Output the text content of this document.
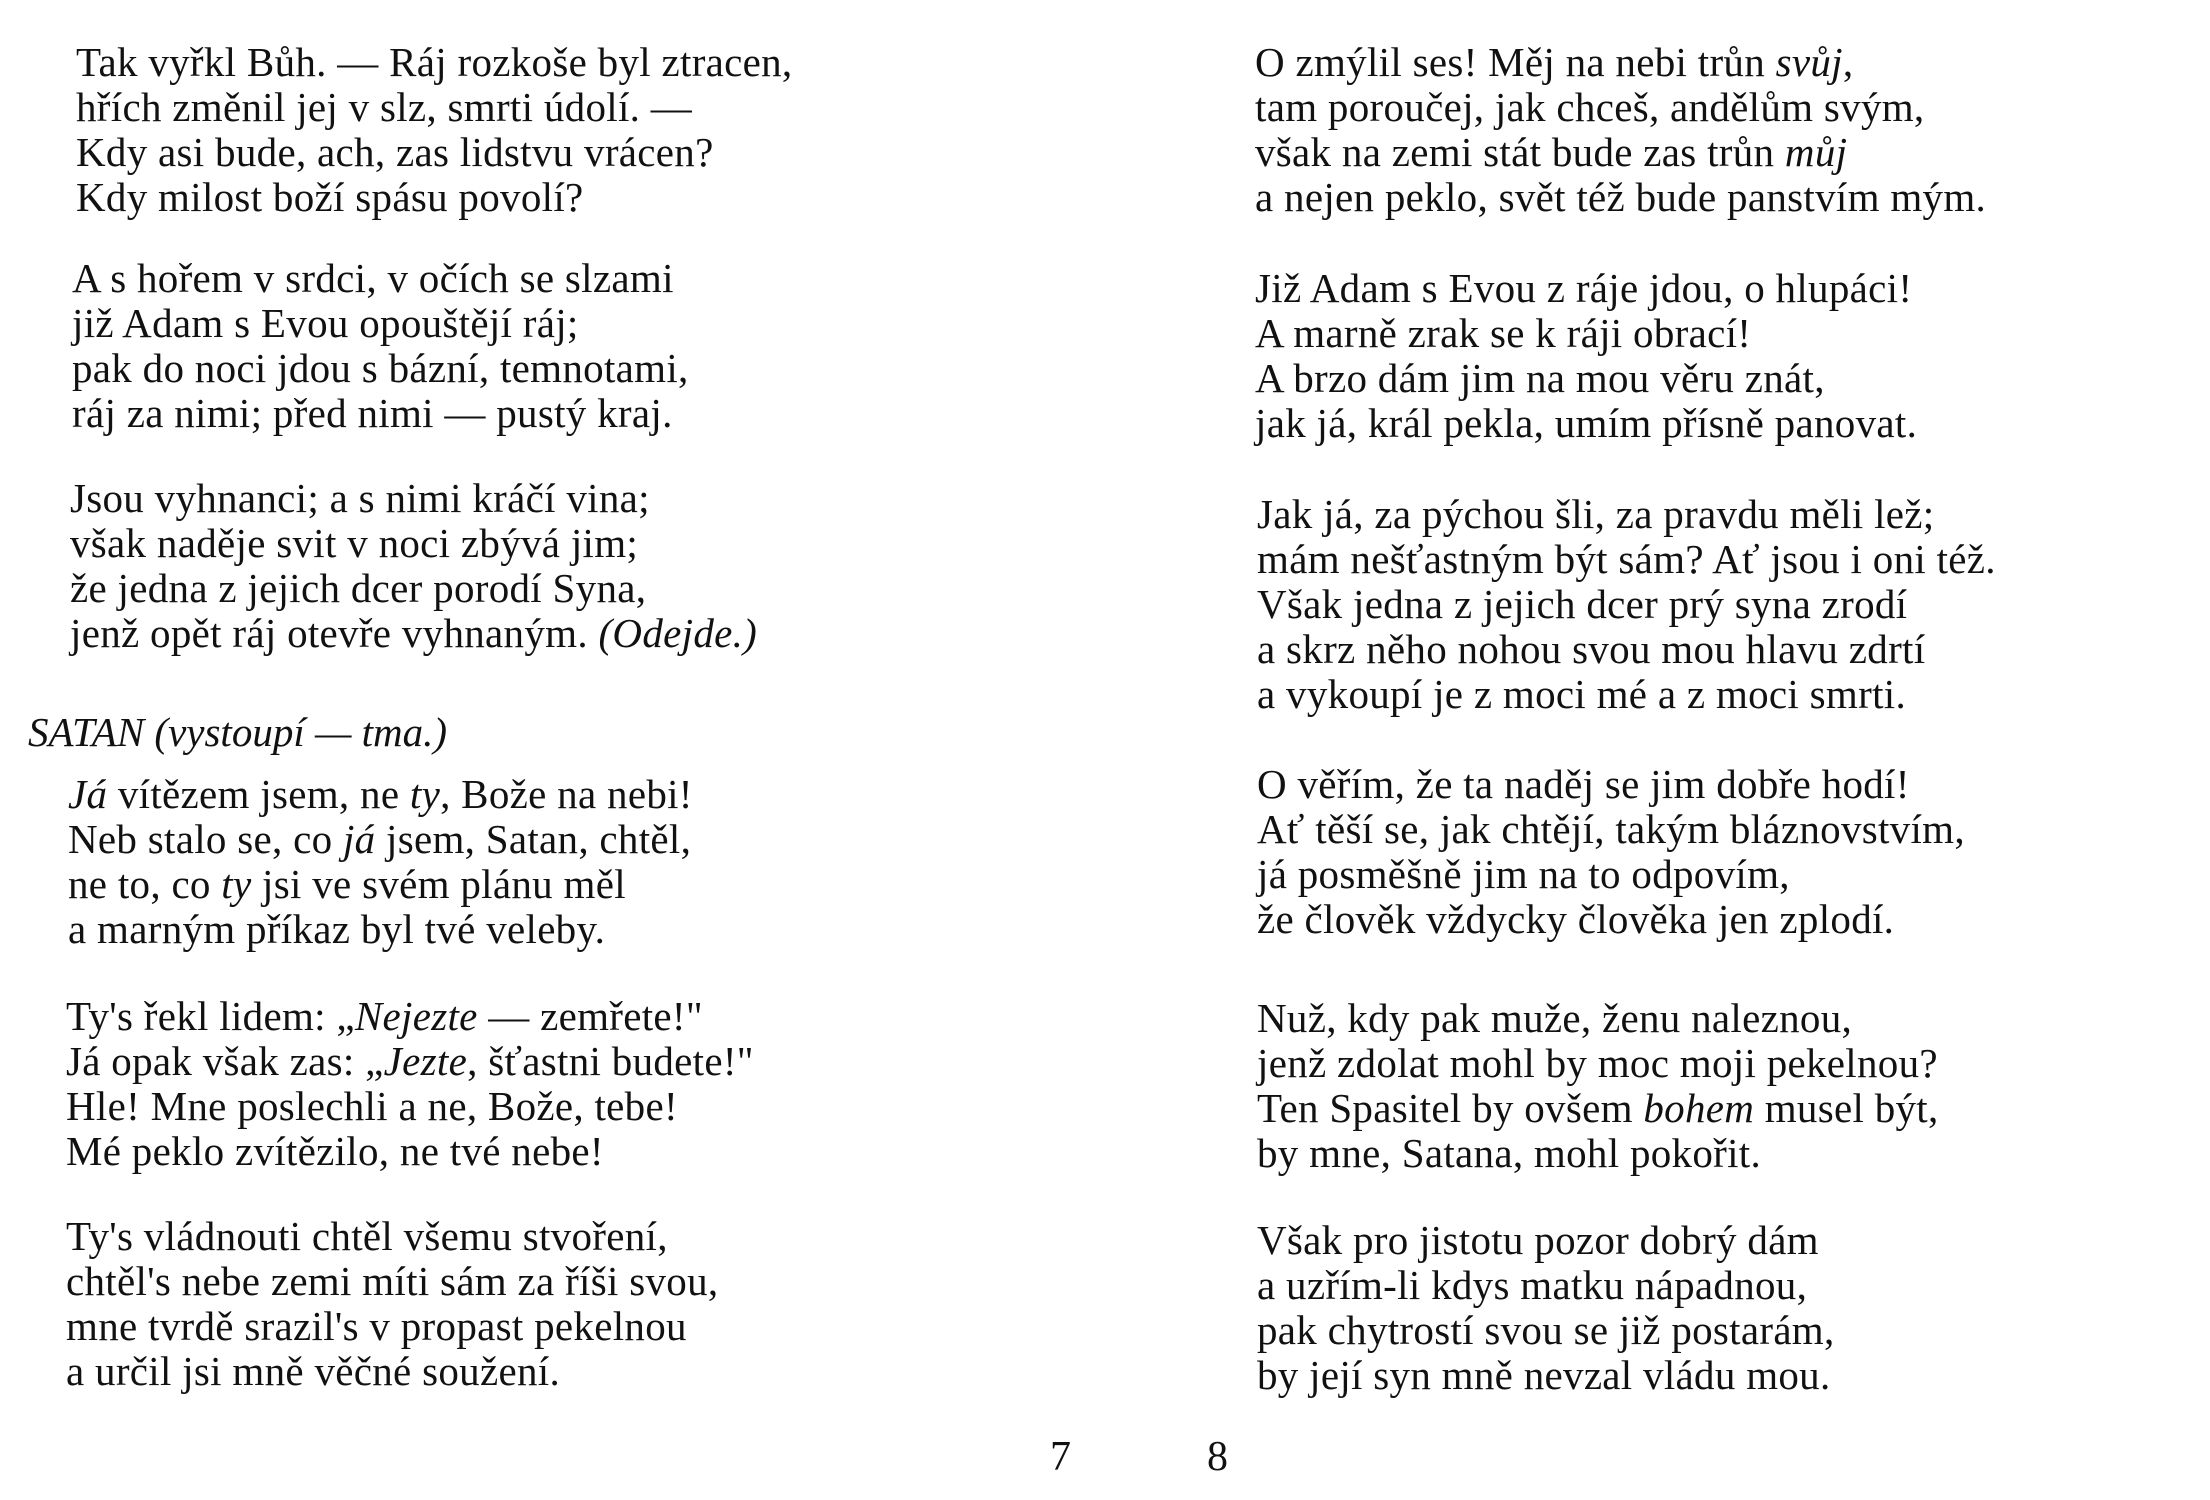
Tak vyřkl Bůh. — Ráj rozkoše byl ztracen,
hřích změnil jej v slz, smrti údolí. —
Kdy asi bude, ach, zas lidstvu vrácen?
Kdy milost boží spásu povolí?
A s hořem v srdci, v očích se slzami
již Adam s Evou opouštějí ráj;
pak do noci jdou s bázní, temnotami,
ráj za nimi; před nimi — pustý kraj.
Jsou vyhnanci; a s nimi kráčí vina;
však naděje svit v noci zbývá jim;
že jedna z jejich dcer porodí Syna,
jenž opět ráj otevře vyhnaným. (Odejde.)
SATAN (vystoupí — tma.)
Já vítězem jsem, ne ty, Bože na nebi!
Neb stalo se, co já jsem, Satan, chtěl,
ne to, co ty jsi ve svém plánu měl
a marným příkaz byl tvé veleby.
Ty's řekl lidem: „Nejezte — zemřete!"
Já opak však zas: „Jezte, šťastni budete!"
Hle! Mne poslechli a ne, Bože, tebe!
Mé peklo zvítězilo, ne tvé nebe!
Ty's vládnouti chtěl všemu stvoření,
chtěl's nebe zemi míti sám za říši svou,
mne tvrdě srazil's v propast pekelnou
a určil jsi mně věčné soužení.
7
O zmýlil ses! Měj na nebi trůn svůj,
tam poroučej, jak chceš, andělům svým,
však na zemi stát bude zas trůn můj
a nejen peklo, svět též bude panstvím mým.
Již Adam s Evou z ráje jdou, o hlupáci!
A marně zrak se k ráji obrací!
A brzo dám jim na mou věru znát,
jak já, král pekla, umím přísně panovat.
Jak já, za pýchou šli, za pravdu měli lež;
mám nešťastným být sám? Ať jsou i oni též.
Však jedna z jejich dcer prý syna zrodí
a skrz něho nohou svou mou hlavu zdrtí
a vykoupí je z moci mé a z moci smrti.
O věřím, že ta naděj se jim dobře hodí!
Ať těší se, jak chtějí, takým bláznovstvím,
já posměšně jim na to odpovím,
že člověk vždycky člověka jen zplodí.
Nuž, kdy pak muže, ženu naleznou,
jenž zdolat mohl by moc moji pekelnou?
Ten Spasitel by ovšem bohem musel být,
by mne, Satana, mohl pokořit.
Však pro jistotu pozor dobrý dám
a uzřím-li kdys matku nápadnou,
pak chytrostí svou se již postarám,
by její syn mně nevzal vládu mou.
8
